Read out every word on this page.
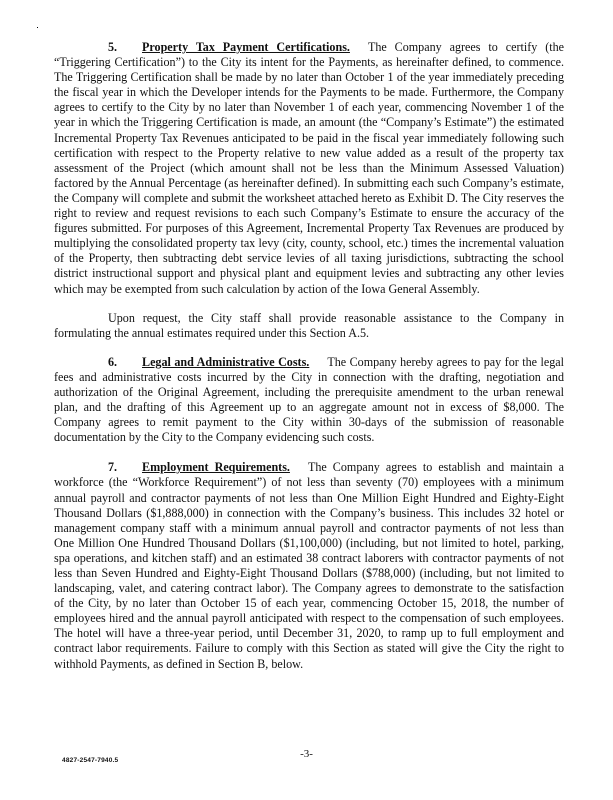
5. Property Tax Payment Certifications. The Company agrees to certify (the “Triggering Certification”) to the City its intent for the Payments, as hereinafter defined, to commence. The Triggering Certification shall be made by no later than October 1 of the year immediately preceding the fiscal year in which the Developer intends for the Payments to be made. Furthermore, the Company agrees to certify to the City by no later than November 1 of each year, commencing November 1 of the year in which the Triggering Certification is made, an amount (the “Company’s Estimate”) the estimated Incremental Property Tax Revenues anticipated to be paid in the fiscal year immediately following such certification with respect to the Property relative to new value added as a result of the property tax assessment of the Project (which amount shall not be less than the Minimum Assessed Valuation) factored by the Annual Percentage (as hereinafter defined). In submitting each such Company’s estimate, the Company will complete and submit the worksheet attached hereto as Exhibit D. The City reserves the right to review and request revisions to each such Company’s Estimate to ensure the accuracy of the figures submitted. For purposes of this Agreement, Incremental Property Tax Revenues are produced by multiplying the consolidated property tax levy (city, county, school, etc.) times the incremental valuation of the Property, then subtracting debt service levies of all taxing jurisdictions, subtracting the school district instructional support and physical plant and equipment levies and subtracting any other levies which may be exempted from such calculation by action of the Iowa General Assembly.

Upon request, the City staff shall provide reasonable assistance to the Company in formulating the annual estimates required under this Section A.5.

6. Legal and Administrative Costs. The Company hereby agrees to pay for the legal fees and administrative costs incurred by the City in connection with the drafting, negotiation and authorization of the Original Agreement, including the prerequisite amendment to the urban renewal plan, and the drafting of this Agreement up to an aggregate amount not in excess of $8,000. The Company agrees to remit payment to the City within 30-days of the submission of reasonable documentation by the City to the Company evidencing such costs.

7. Employment Requirements. The Company agrees to establish and maintain a workforce (the “Workforce Requirement”) of not less than seventy (70) employees with a minimum annual payroll and contractor payments of not less than One Million Eight Hundred and Eighty-Eight Thousand Dollars ($1,888,000) in connection with the Company’s business. This includes 32 hotel or management company staff with a minimum annual payroll and contractor payments of not less than One Million One Hundred Thousand Dollars ($1,100,000) (including, but not limited to hotel, parking, spa operations, and kitchen staff) and an estimated 38 contract laborers with contractor payments of not less than Seven Hundred and Eighty-Eight Thousand Dollars ($788,000) (including, but not limited to landscaping, valet, and catering contract labor). The Company agrees to demonstrate to the satisfaction of the City, by no later than October 15 of each year, commencing October 15, 2018, the number of employees hired and the annual payroll anticipated with respect to the compensation of such employees. The hotel will have a three-year period, until December 31, 2020, to ramp up to full employment and contract labor requirements. Failure to comply with this Section as stated will give the City the right to withhold Payments, as defined in Section B, below.

-3-
4827-2547-7940.5
